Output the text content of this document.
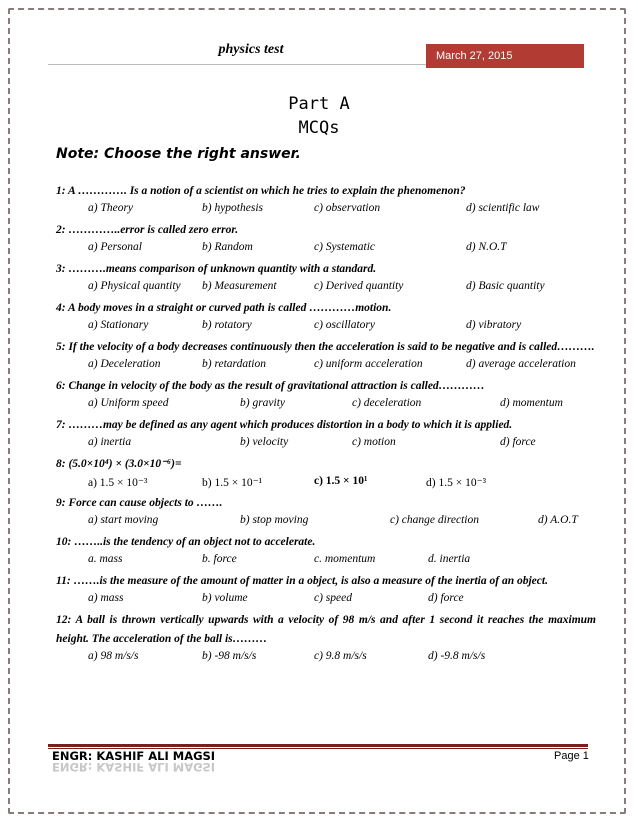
physics test	March 27, 2015
Part A
MCQs
Note: Choose the right answer.
1: A …………. Is a notion of a scientist on which he tries to explain the phenomenon?
a) Theory	b) hypothesis	c) observation	d) scientific law
2: …………..error is called zero error.
a) Personal	b) Random	c) Systematic	d) N.O.T
3: ……….means comparison of unknown quantity with a standard.
a) Physical quantity b) Measurement	c) Derived quantity	d) Basic quantity
4: A body moves in a straight or curved path is called …………motion.
a) Stationary	b) rotatory	c) oscillatory	d) vibratory
5: If the velocity of a body decreases continuously then the acceleration is said to be negative and is called……….
a) Deceleration	b) retardation	c) uniform acceleration	d) average acceleration
6: Change in velocity of the body as the result of gravitational attraction is called…………
a) Uniform speed	b) gravity	c) deceleration	d) momentum
7: ………may be defined as any agent which produces distortion in a body to which it is applied.
a) inertia	b) velocity	c) motion	d) force
8: (5.0×10⁴) × (3.0×10⁻⁶)=
a) 1.5 × 10⁻³	b) 1.5 × 10⁻¹	c) 1.5 × 10¹	d) 1.5 × 10⁻³
9: Force can cause objects to …….
a) start moving	b) stop moving	c) change direction	d) A.O.T
10: ……..is the tendency of an object not to accelerate.
a. mass	b. force	c. momentum	d. inertia
11: …….is the measure of the amount of matter in a object, is also a measure of the inertia of an object.
a) mass	b) volume	c) speed	d) force
12: A ball is thrown vertically upwards with a velocity of 98 m/s and after 1 second it reaches the maximum height. The acceleration of the ball is………
a) 98 m/s/s	b) -98 m/s/s	c) 9.8 m/s/s	d) -9.8 m/s/s
ENGR: KASHIF ALI MAGSI
ENGR: KASHIF ALI MAGSI
Page 1
